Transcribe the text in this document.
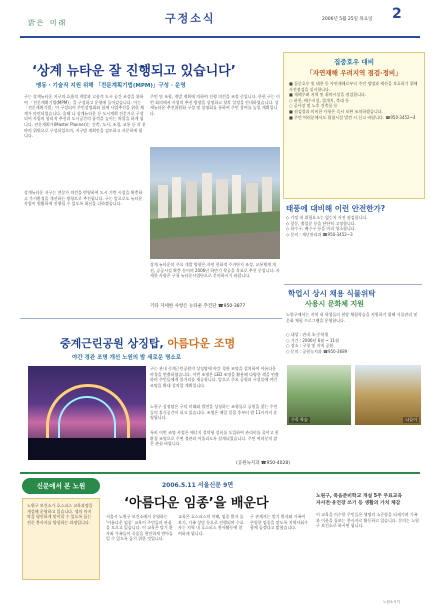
밝은 미래	구정소식	2006년 5월 25일 목요일 2
‘상계 뉴타운 잘 진행되고 있습니다’
맹동 · 기술직 지원 위해 「전문계획기법(MPM)」구성 · 운영
구는 상계뉴타운 지구의 효율적 개발과 고품격 도시 공간 조성을 위하여 「전문계획기법(MPM)」을 구성하고 운영에 들어갔습니다. 이는 「전문계획기법」이 구성되어 주민설명회와 함께 사업추진을 위한 체계가 마련되었습니다. 올해 나 상계뉴타운 등 도시계획 전문가로 구성되어 사업의 합리적 추진과 도시공간의 품격을 높이는 역할을 하게 됩니다. 전문계획가(Master Planner)는 건축, 도시, 조경, 교통 등 각 분야의 위원으로 구성되었으며, 지구별 계획안을 검토하고 자문하게 됩니다.
상계뉴타운 지구는 전문가 의견을 반영하여 도시 기반 시설을 확충하고 주거환경을 개선하는 방향으로 추진됩니다. 구는 앞으로도 뉴타운 사업이 원활하게 진행될 수 있도록 최선을 다하겠습니다.
주민 및 조합, 개발 계획에 의하여 진행 의견을 조정 중입니다. 한편 구는 이번 회의에서 사업의 추진 방향을 설명하고 향후 일정을 안내하였습니다. 상계뉴타운 추진위원회 구성 및 설명회를 통하여 주민 참여를 높일 계획입니다.
상계 뉴타운의 주요 개발 방향은 자연 친화적 주거단지 조성, 교통체계 개선, 공공시설 확충 등이며 2006년 하반기 착공을 목표로 추진 중입니다. 자세한 사항은 구청 뉴타운사업단으로 문의하시기 바랍니다.
기타 자세한 사항은 뉴타운 추진단 ☎950-3877
집중호우 대비
「자연재해 우려지역 점검·정비」
■ 집중호우 및 태풍 등 자연재해로부터 주민 생명과 재산을 보호하기 위해 사전점검을 실시합니다.
■ 재해우려 지역 및 취약시설을 점검합니다.
○ 하천, 배수시설, 절개지, 축대 등
○ 공사장 및 노후 건축물 등
■ 점검결과 미비한 사항은 즉시 보완 조치하겠습니다.
■ 주민 여러분께서도 위험시설 발견 시 신고 바랍니다. ☎950-3452~4
태풍에 대비해 이런 안전한가?
◇ 가정 내 위험요소는 없는지 사전 점검합니다.
◇ 창문, 출입문 등을 단단히 고정합니다.
◇ 하수구, 배수구 등을 미리 청소합니다.
◇ 문의 : 재난관리과 ☎950-3452~3
학업시 상시 채용 식물위탁
사용시 문화체 지원
노원구에서는 지역 내 학생들의 현장 체험학습을 지원하기 위해 식물관리 및 문화 체험 프로그램을 운영합니다.
○ 대상 : 관내 초·중학생
○ 기간 : 2006년 6월 ~ 11월
○ 장소 : 구청 및 지역 공원
○ 문의 : 공원녹지과 ☎950-3689
수목 학습	나들이
중계근린공원 상징탑, 아름다운 조명
야간 경관 조명 개선 노원의 밤 새로운 명소로
구는 관내 중계근린공원의 상징탑에 야간 경관 조명을 설치하여 아름다운 야경을 연출하였습니다. 이번 조명은 LED 조명을 활용해 다양한 색을 연출하며 주민들에게 볼거리를 제공합니다. 앞으로 주요 공원과 시설물에 야간 조명을 확대 설치할 계획입니다.
노원구 상징탑은 구의 미래와 발전을 상징하는 조형물로 공원을 찾는 주민들의 휴식공간이 되고 있습니다. 조명은 매일 일몰 후부터 밤 11시까지 운영됩니다.
특히 이번 조명 사업은 에너지 절약형 설비를 도입하여 관리비를 줄이고 친환경 조명으로 주변 경관과 어울리도록 설계되었습니다. 주민 여러분의 많은 관심 바랍니다.
(공원녹지과 ☎950-4028)
신문에서 본 노원	2006.5.11 서울신문 9면
‘아름다운 임종’을 배운다
노원구 보건소가 호스피스 교육과정을 개설해 운영하고 있습니다. 생의 마지막을 평안하게 맞이할 수 있도록 돕는 전문 봉사자를 양성하는 과정입니다.
서울시 노원구 보건소에서 운영하는 ‘아름다운 임종’ 교육이 주민들의 관심을 모으고 있습니다. 이 교육은 말기 환자와 가족들이 죽음을 편안하게 받아들일 수 있도록 돕기 위한 것입니다.
교육은 호스피스의 이해, 임종 환자 돌보기, 가족 상담 등으로 진행되며 수료자는 지역 내 호스피스 봉사활동에 참여하게 됩니다.
구 관계자는 말기 환자와 가족이 존엄한 임종을 맞도록 지역사회가 함께 돕겠다고 밝혔습니다.
노원구, 죽음준비학교 개설 5주 무료교육
자서전·유언장 쓰기 등 생활의 가치 체감
이 교육을 이수한 주민들은 생명의 소중함을 되새기며 가족과 이웃을 돌보는 봉사자로 활동하고 있습니다. 문의는 노원구 보건소로 하시면 됩니다.
노원소식지
